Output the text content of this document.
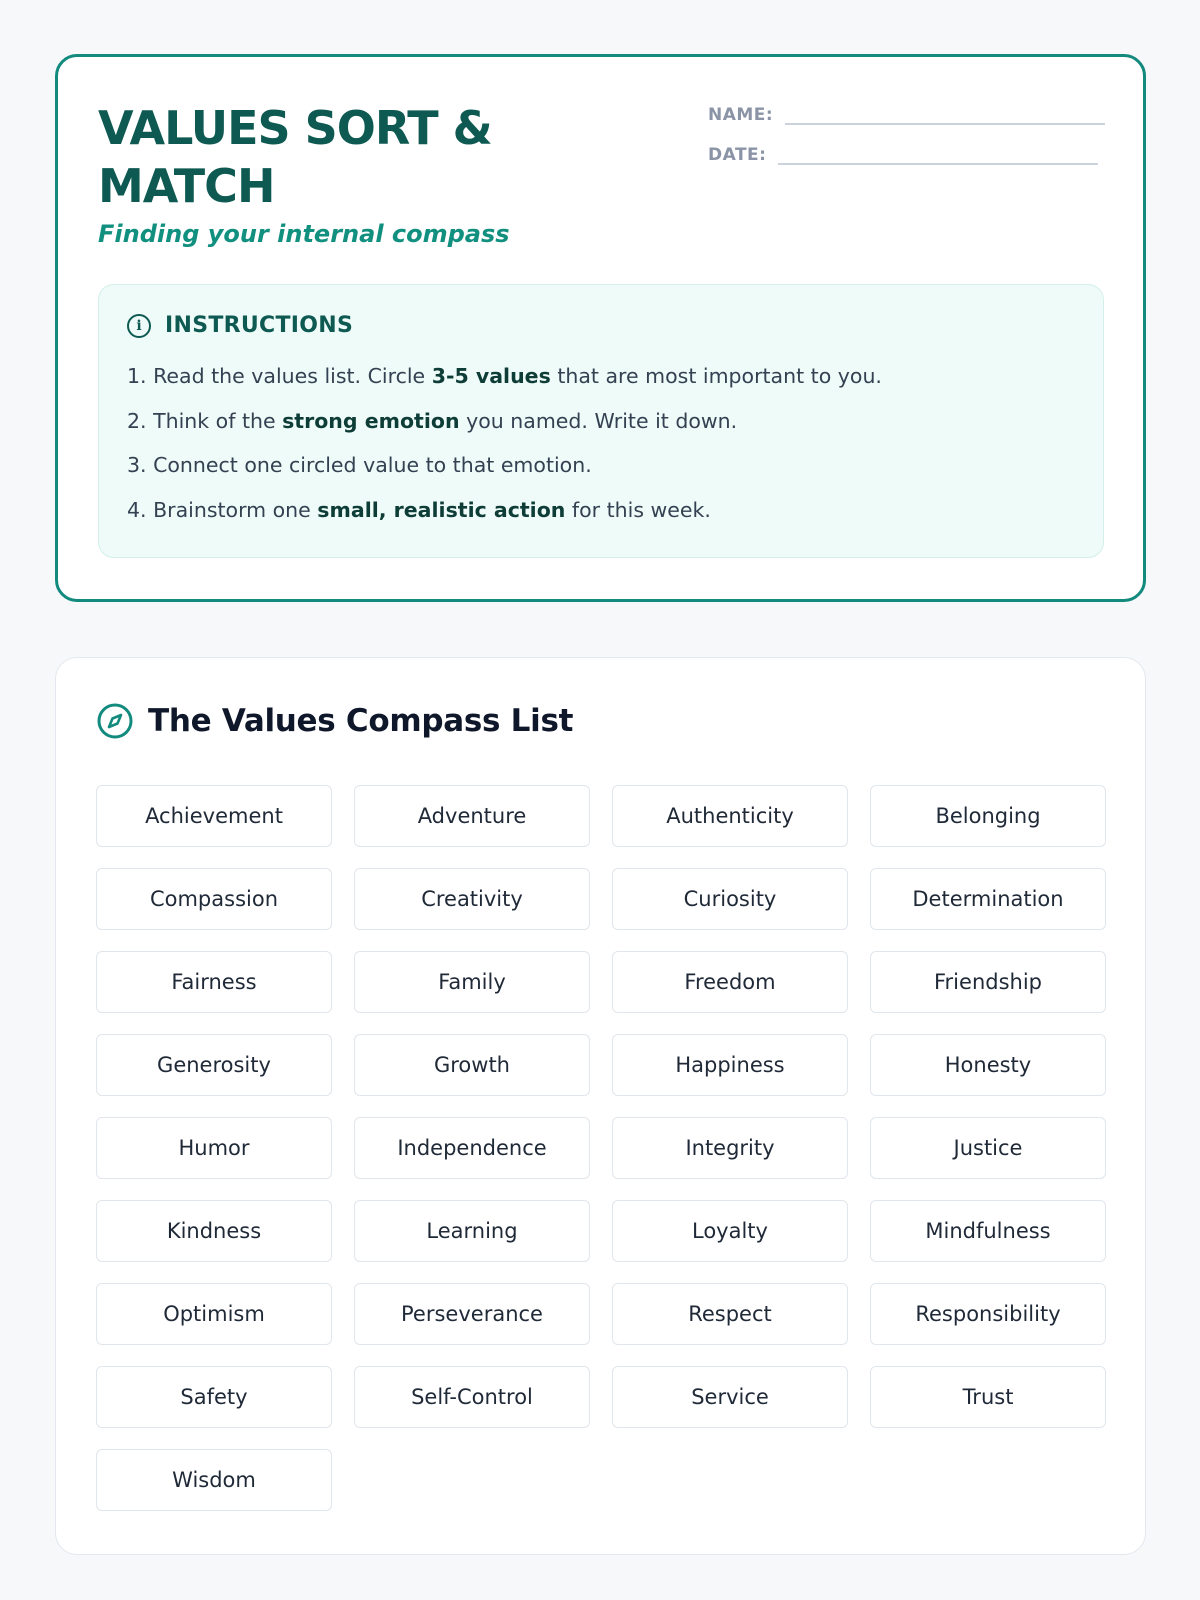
VALUES SORT & MATCH
Finding your internal compass
NAME:
DATE:
i	INSTRUCTIONS
1. Read the values list. Circle 3-5 values that are most important to you.
2. Think of the strong emotion you named. Write it down.
3. Connect one circled value to that emotion.
4. Brainstorm one small, realistic action for this week.
The Values Compass List
Achievement	Adventure	Authenticity	Belonging
Compassion	Creativity	Curiosity	Determination
Fairness	Family	Freedom	Friendship
Generosity	Growth	Happiness	Honesty
Humor	Independence	Integrity	Justice
Kindness	Learning	Loyalty	Mindfulness
Optimism	Perseverance	Respect	Responsibility
Safety	Self-Control	Service	Trust
Wisdom
